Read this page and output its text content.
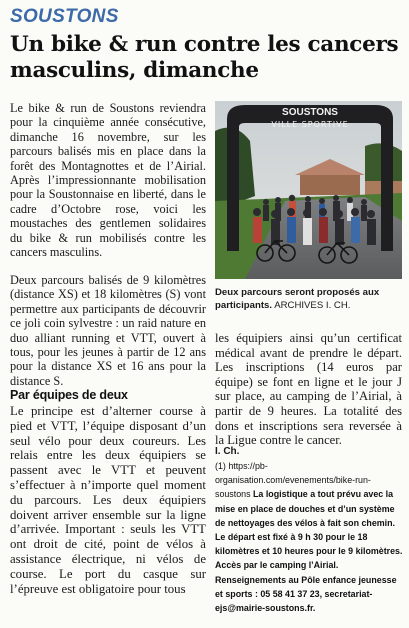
SOUSTONS
Un bike & run contre les cancers masculins, dimanche

Le bike & run de Soustons reviendra pour la cinquième année consécutive, dimanche 16 novembre, sur les parcours balisés mis en place dans la forêt des Montagnottes et de l’Airial. Après l’impressionnante mobilisation pour la Soustonnaise en liberté, dans le cadre d’Octobre rose, voici les moustaches des gentlemen solidaires du bike & run mobilisés contre les cancers masculins.

Deux parcours balisés de 9 kilomètres (distance XS) et 18 kilomètres (S) vont permettre aux participants de découvrir ce joli coin sylvestre : un raid nature en duo alliant running et VTT, ouvert à tous, pour les jeunes à partir de 12 ans pour la distance XS et 16 ans pour la distance S.

Par équipes de deux

Le principe est d’alterner course à pied et VTT, l’équipe disposant d’un seul vélo pour deux coureurs. Les relais entre les deux équipiers se passent avec le VTT et peuvent s’effectuer à n’importe quel moment du parcours. Les deux équipiers doivent arriver ensemble sur la ligne d’arrivée. Important : seuls les VTT ont droit de cité, point de vélos à assistance électrique, ni vélos de course. Le port du casque sur l’épreuve est obligatoire pour tous

SOUSTONS
VILLE SPORTIVE
Deux parcours seront proposés aux participants. ARCHIVES I. CH.

les équipiers ainsi qu’un certificat médical avant de prendre le départ. Les inscriptions (14 euros par équipe) se font en ligne et le jour J sur place, au camping de l’Airial, à partir de 9 heures. La totalité des dons et inscriptions sera reversée à la Ligue contre le cancer.

I. Ch.

(1) https://pb-organisation.com/evenements/bike-run-soustons La logistique a tout prévu avec la mise en place de douches et d’un système de nettoyages des vélos à fait son chemin. Le départ est fixé à 9 h 30 pour le 18 kilomètres et 10 heures pour le 9 kilomètres. Accès par le camping l’Airial. Renseignements au Pôle enfance jeunesse et sports : 05 58 41 37 23, secretariat-ejs@mairie-soustons.fr.
